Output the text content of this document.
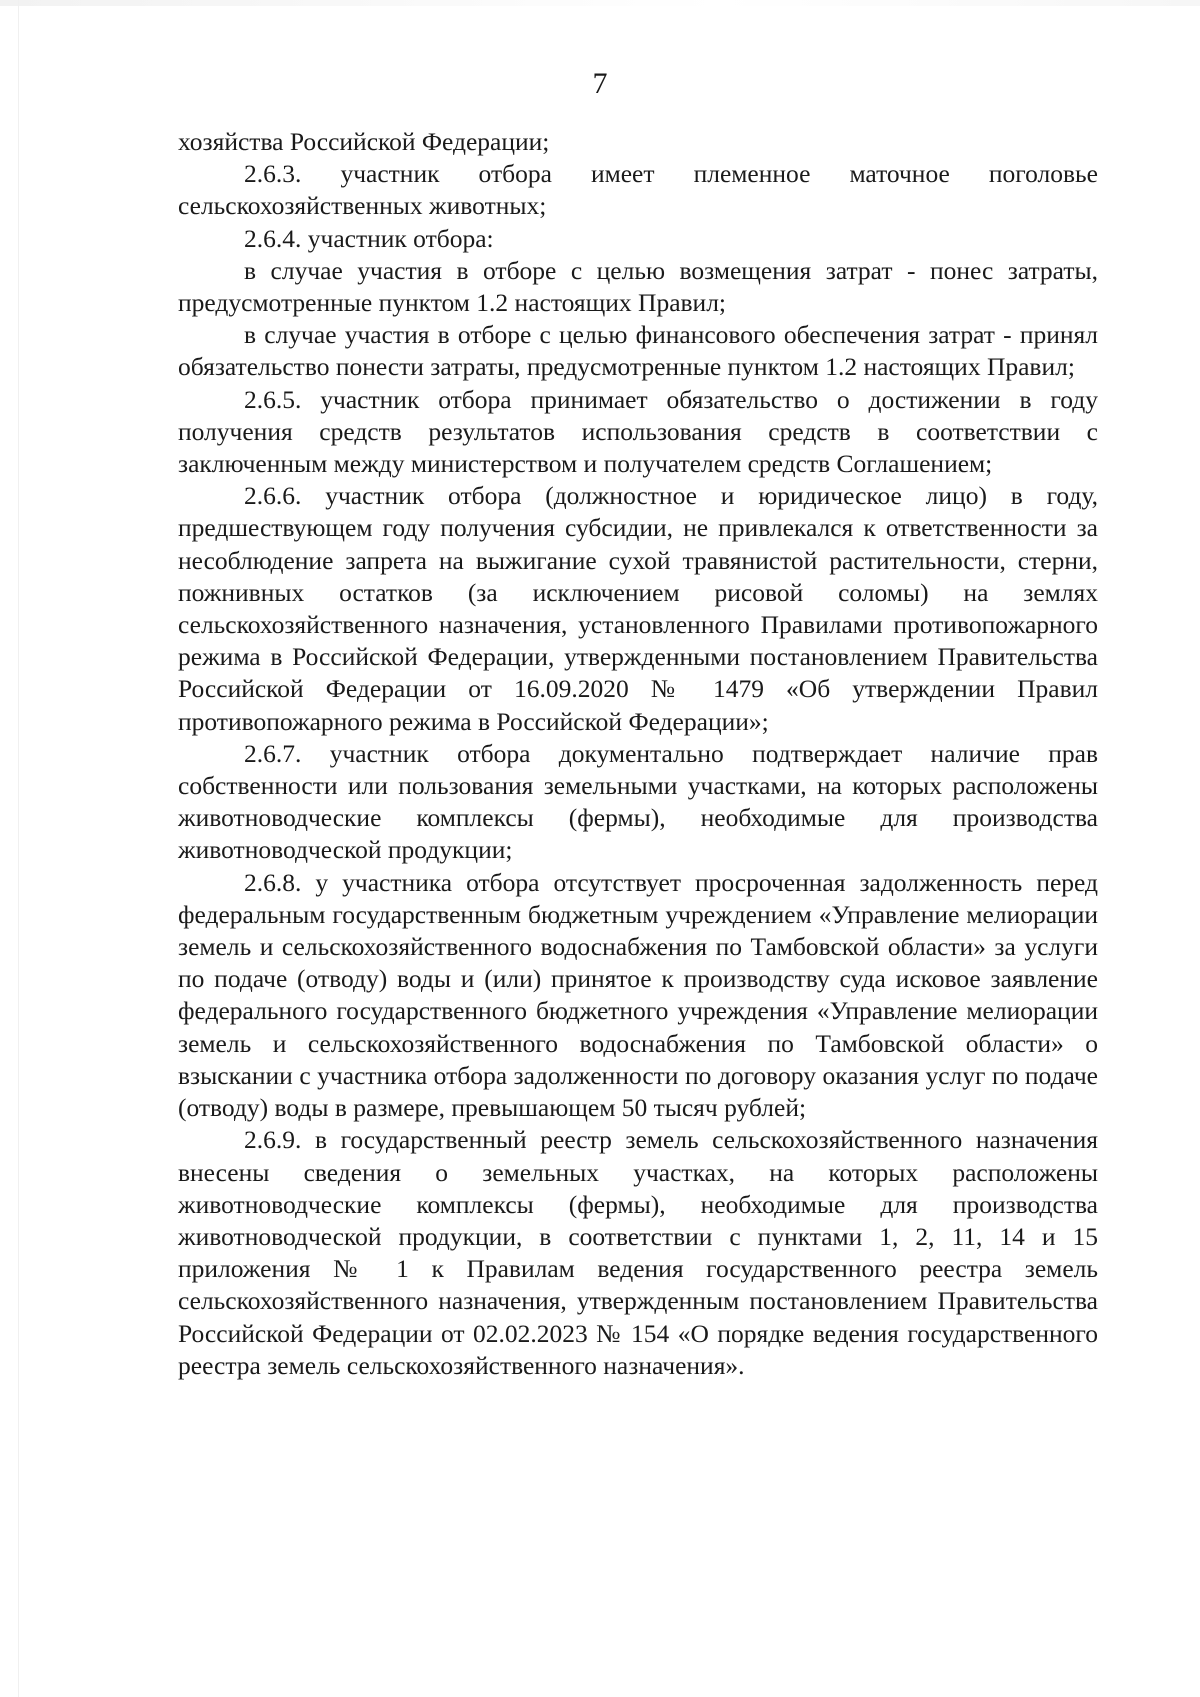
7

хозяйства Российской Федерации;

2.6.3. участник отбора имеет племенное маточное поголовье сельскохозяйственных животных;

2.6.4. участник отбора:

в случае участия в отборе с целью возмещения затрат - понес затраты, предусмотренные пунктом 1.2 настоящих Правил;

в случае участия в отборе с целью финансового обеспечения затрат - принял обязательство понести затраты, предусмотренные пунктом 1.2 настоящих Правил;

2.6.5. участник отбора принимает обязательство о достижении в году получения средств результатов использования средств в соответствии с заключенным между министерством и получателем средств Соглашением;

2.6.6. участник отбора (должностное и юридическое лицо) в году, предшествующем году получения субсидии, не привлекался к ответственности за несоблюдение запрета на выжигание сухой травянистой растительности, стерни, пожнивных остатков (за исключением рисовой соломы) на землях сельскохозяйственного назначения, установленного Правилами противопожарного режима в Российской Федерации, утвержденными постановлением Правительства Российской Федерации от 16.09.2020 № 1479 «Об утверждении Правил противопожарного режима в Российской Федерации»;

2.6.7. участник отбора документально подтверждает наличие прав собственности или пользования земельными участками, на которых расположены животноводческие комплексы (фермы), необходимые для производства животноводческой продукции;

2.6.8. у участника отбора отсутствует просроченная задолженность перед федеральным государственным бюджетным учреждением «Управление мелиорации земель и сельскохозяйственного водоснабжения по Тамбовской области» за услуги по подаче (отводу) воды и (или) принятое к производству суда исковое заявление федерального государственного бюджетного учреждения «Управление мелиорации земель и сельскохозяйственного водоснабжения по Тамбовской области» о взыскании с участника отбора задолженности по договору оказания услуг по подаче (отводу) воды в размере, превышающем 50 тысяч рублей;

2.6.9. в государственный реестр земель сельскохозяйственного назначения внесены сведения о земельных участках, на которых расположены животноводческие комплексы (фермы), необходимые для производства животноводческой продукции, в соответствии с пунктами 1, 2, 11, 14 и 15 приложения № 1 к Правилам ведения государственного реестра земель сельскохозяйственного назначения, утвержденным постановлением Правительства Российской Федерации от 02.02.2023 № 154 «О порядке ведения государственного реестра земель сельскохозяйственного назначения».
